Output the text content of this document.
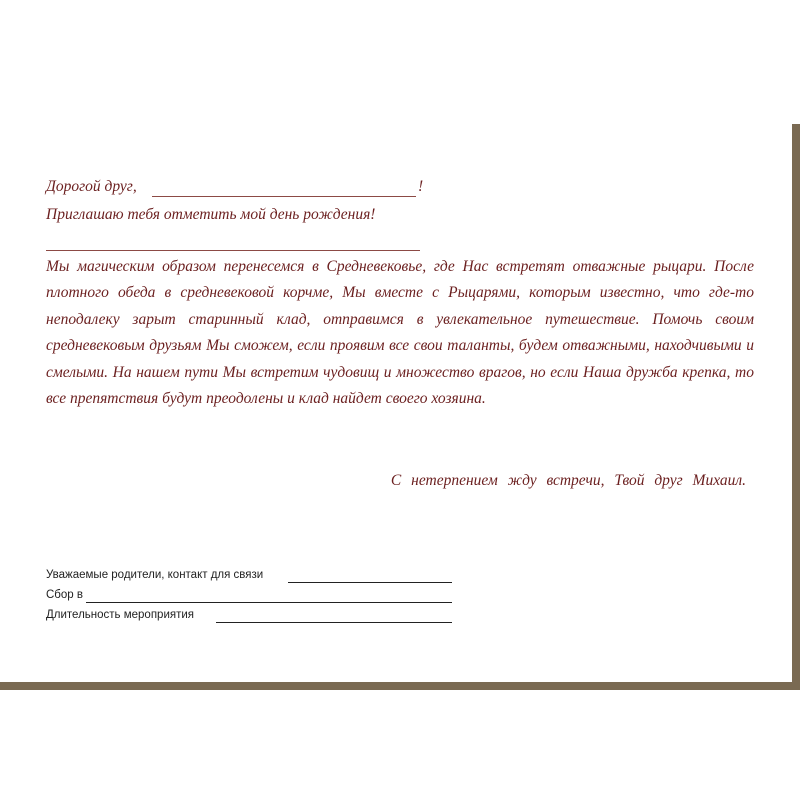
Дорогой друг,	!
Приглашаю тебя отметить мой день рождения!
Мы магическим образом перенесемся в Средневековье, где Нас встретят отважные рыцари. После плотного обеда в средневековой корчме, Мы вместе с Рыцарями, которым известно, что где-то неподалеку зарыт старинный клад, отправимся в увлекательное путешествие. Помочь своим средневековым друзьям Мы сможем, если проявим все свои таланты, будем отважными, находчивыми и смелыми. На нашем пути Мы встретим чудовищ и множество врагов, но если Наша дружба крепка, то все препятствия будут преодолены и клад найдет своего хозяина.
С нетерпением жду встречи, Твой друг Михаил.
Уважаемые родители, контакт для связи
Сбор в
Длительность мероприятия
